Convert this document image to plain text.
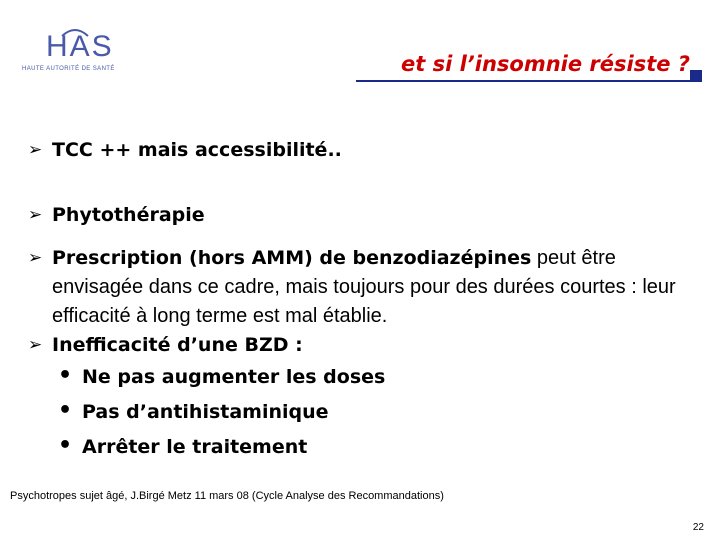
HAS
HAUTE AUTORITÉ DE SANTÉ	et si l’insomnie résiste ?
➢ TCC ++ mais accessibilité..
➢ Phytothérapie
➢ Prescription (hors AMM) de benzodiazépines peut être envisagée dans ce cadre, mais toujours pour des durées courtes : leur efficacité à long terme est mal établie.
➢ Inefficacité d’une BZD :
• Ne pas augmenter les doses
• Pas d’antihistaminique
• Arrêter le traitement
Psychotropes sujet âgé, J.Birgé Metz 11 mars 08 (Cycle Analyse des Recommandations)
22
